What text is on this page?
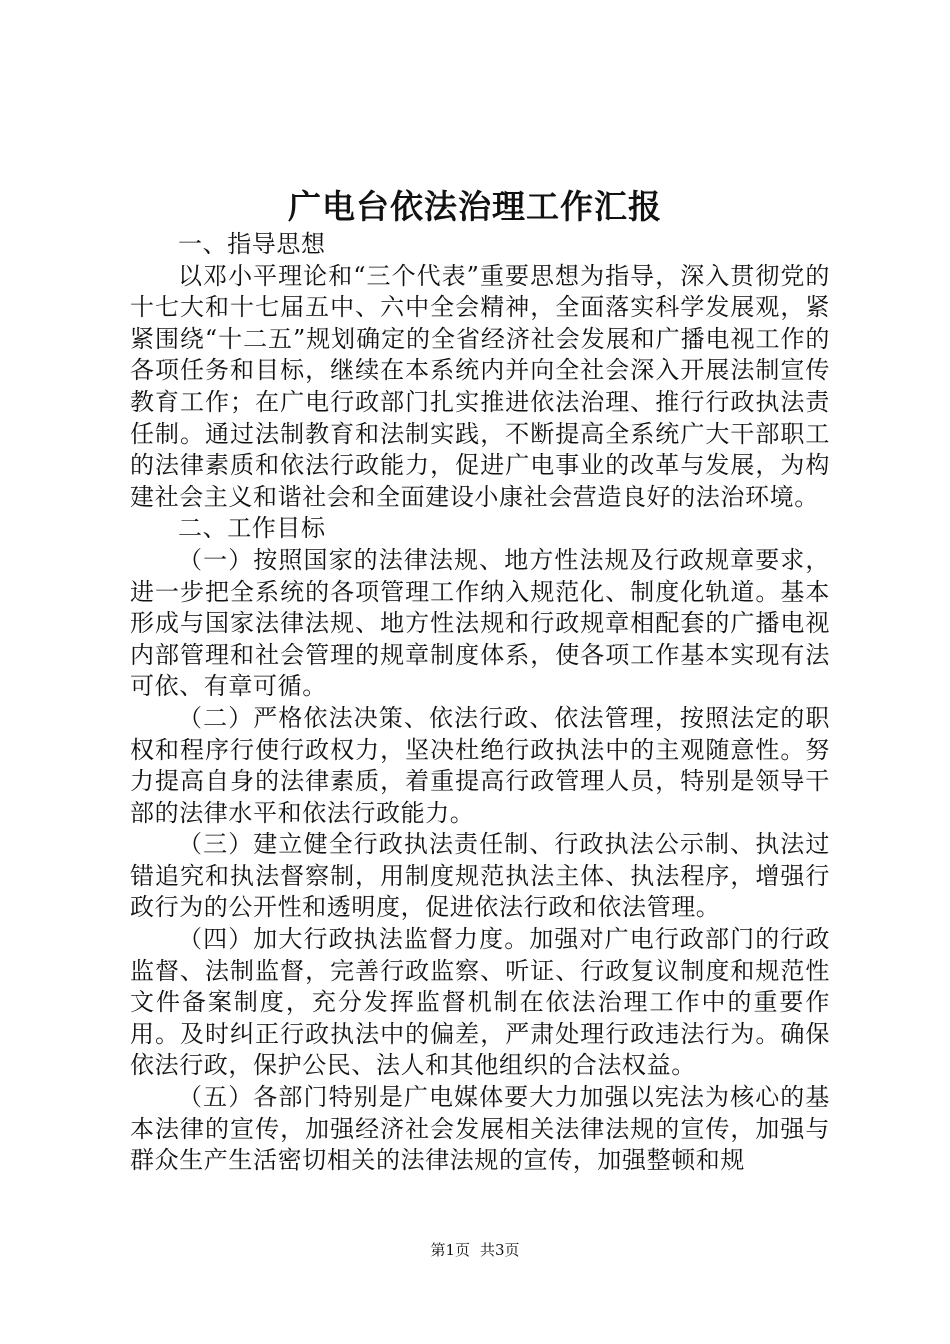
广电台依法治理工作汇报

一、指导思想

以邓小平理论和“三个代表”重要思想为指导，深入贯彻党的十七大和十七届五中、六中全会精神，全面落实科学发展观，紧紧围绕“十二五”规划确定的全省经济社会发展和广播电视工作的各项任务和目标，继续在本系统内并向全社会深入开展法制宣传教育工作；在广电行政部门扎实推进依法治理、推行行政执法责任制。通过法制教育和法制实践，不断提高全系统广大干部职工的法律素质和依法行政能力，促进广电事业的改革与发展，为构建社会主义和谐社会和全面建设小康社会营造良好的法治环境。

二、工作目标

（一）按照国家的法律法规、地方性法规及行政规章要求，进一步把全系统的各项管理工作纳入规范化、制度化轨道。基本形成与国家法律法规、地方性法规和行政规章相配套的广播电视内部管理和社会管理的规章制度体系，使各项工作基本实现有法可依、有章可循。

（二）严格依法决策、依法行政、依法管理，按照法定的职权和程序行使行政权力，坚决杜绝行政执法中的主观随意性。努力提高自身的法律素质，着重提高行政管理人员，特别是领导干部的法律水平和依法行政能力。

（三）建立健全行政执法责任制、行政执法公示制、执法过错追究和执法督察制，用制度规范执法主体、执法程序，增强行政行为的公开性和透明度，促进依法行政和依法管理。

（四）加大行政执法监督力度。加强对广电行政部门的行政监督、法制监督，完善行政监察、听证、行政复议制度和规范性文件备案制度，充分发挥监督机制在依法治理工作中的重要作用。及时纠正行政执法中的偏差，严肃处理行政违法行为。确保依法行政，保护公民、法人和其他组织的合法权益。

（五）各部门特别是广电媒体要大力加强以宪法为核心的基本法律的宣传，加强经济社会发展相关法律法规的宣传，加强与群众生产生活密切相关的法律法规的宣传，加强整顿和规

第1页 共3页
